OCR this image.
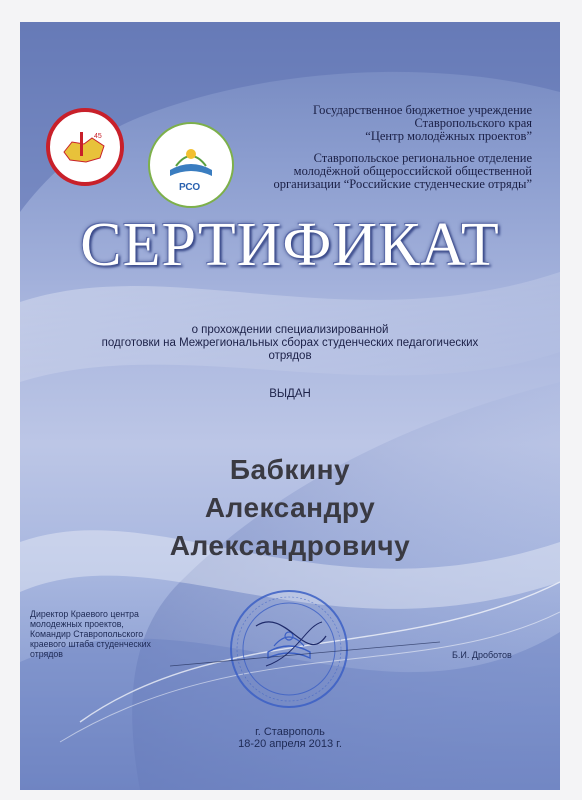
45
РСО
Государственное бюджетное учреждение
Ставропольского края
“Центр молодёжных проектов”
Ставропольское региональное отделение
молодёжной общероссийской общественной
организации “Российские студенческие отряды”
СЕРТИФИКАТ
о прохождении специализированной
подготовки на Межрегиональных сборах студенческих педагогических
отрядов
ВЫДАН
Бабкину
Александру
Александровичу
Директор Краевого центра
молодежных проектов,
Командир Ставропольского
краевого штаба студенческих
отрядов	Б.И. Дроботов
г. Ставрополь
18-20 апреля 2013 г.
